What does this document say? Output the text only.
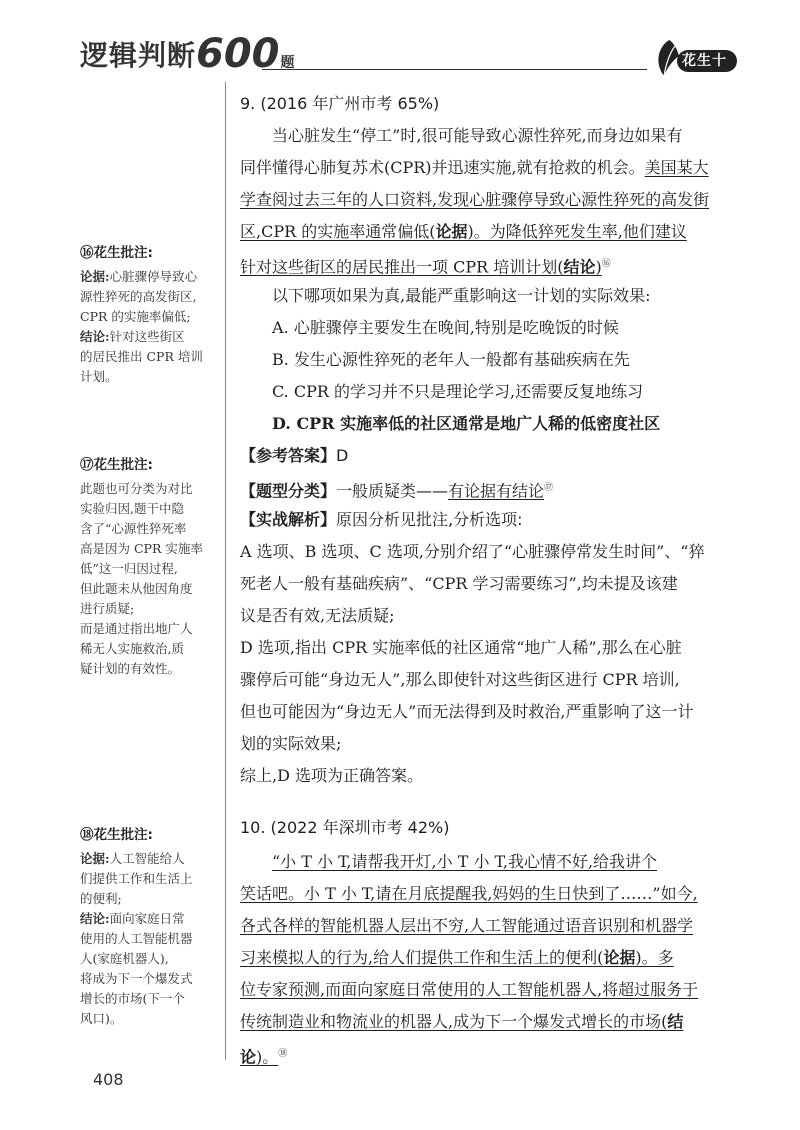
逻辑判断 600 题	花生十三
⑯花生批注:
论据:心脏骤停导致心
源性猝死的高发街区,
CPR 的实施率偏低;
结论:针对这些街区
的居民推出 CPR 培训
计划。
⑰花生批注:
此题也可分类为对比
实验归因,题干中隐
含了“心源性猝死率
高是因为 CPR 实施率
低”这一归因过程,
但此题未从他因角度
进行质疑;
而是通过指出地广人
稀无人实施救治,质
疑计划的有效性。
⑱花生批注:
论据:人工智能给人
们提供工作和生活上
的便利;
结论:面向家庭日常
使用的人工智能机器
人(家庭机器人),
将成为下一个爆发式
增长的市场(下一个
风口)。
9. (2016 年广州市考 65%)
当心脏发生“停工”时,很可能导致心源性猝死,而身边如果有
同伴懂得心肺复苏术(CPR)并迅速实施,就有抢救的机会。美国某大
学查阅过去三年的人口资料,发现心脏骤停导致心源性猝死的高发街
区,CPR 的实施率通常偏低(论据)。为降低猝死发生率,他们建议
针对这些街区的居民推出一项 CPR 培训计划(结论)⑯
以下哪项如果为真,最能严重影响这一计划的实际效果:
A. 心脏骤停主要发生在晚间,特别是吃晚饭的时候
B. 发生心源性猝死的老年人一般都有基础疾病在先
C. CPR 的学习并不只是理论学习,还需要反复地练习
D. CPR 实施率低的社区通常是地广人稀的低密度社区
【参考答案】D
【题型分类】一般质疑类——有论据有结论⑰
【实战解析】原因分析见批注,分析选项:
A 选项、B 选项、C 选项,分别介绍了“心脏骤停常发生时间”、“猝
死老人一般有基础疾病”、“CPR 学习需要练习”,均未提及该建
议是否有效,无法质疑;
D 选项,指出 CPR 实施率低的社区通常“地广人稀”,那么在心脏
骤停后可能“身边无人”,那么即使针对这些街区进行 CPR 培训,
但也可能因为“身边无人”而无法得到及时救治,严重影响了这一计
划的实际效果;
综上,D 选项为正确答案。
10. (2022 年深圳市考 42%)
“小 T 小 T,请帮我开灯,小 T 小 T,我心情不好,给我讲个
笑话吧。小 T 小 T,请在月底提醒我,妈妈的生日快到了……”如今,
各式各样的智能机器人层出不穷,人工智能通过语音识别和机器学
习来模拟人的行为,给人们提供工作和生活上的便利(论据)。多
位专家预测,而面向家庭日常使用的人工智能机器人,将超过服务于
传统制造业和物流业的机器人,成为下一个爆发式增长的市场(结
论)。⑱
408
